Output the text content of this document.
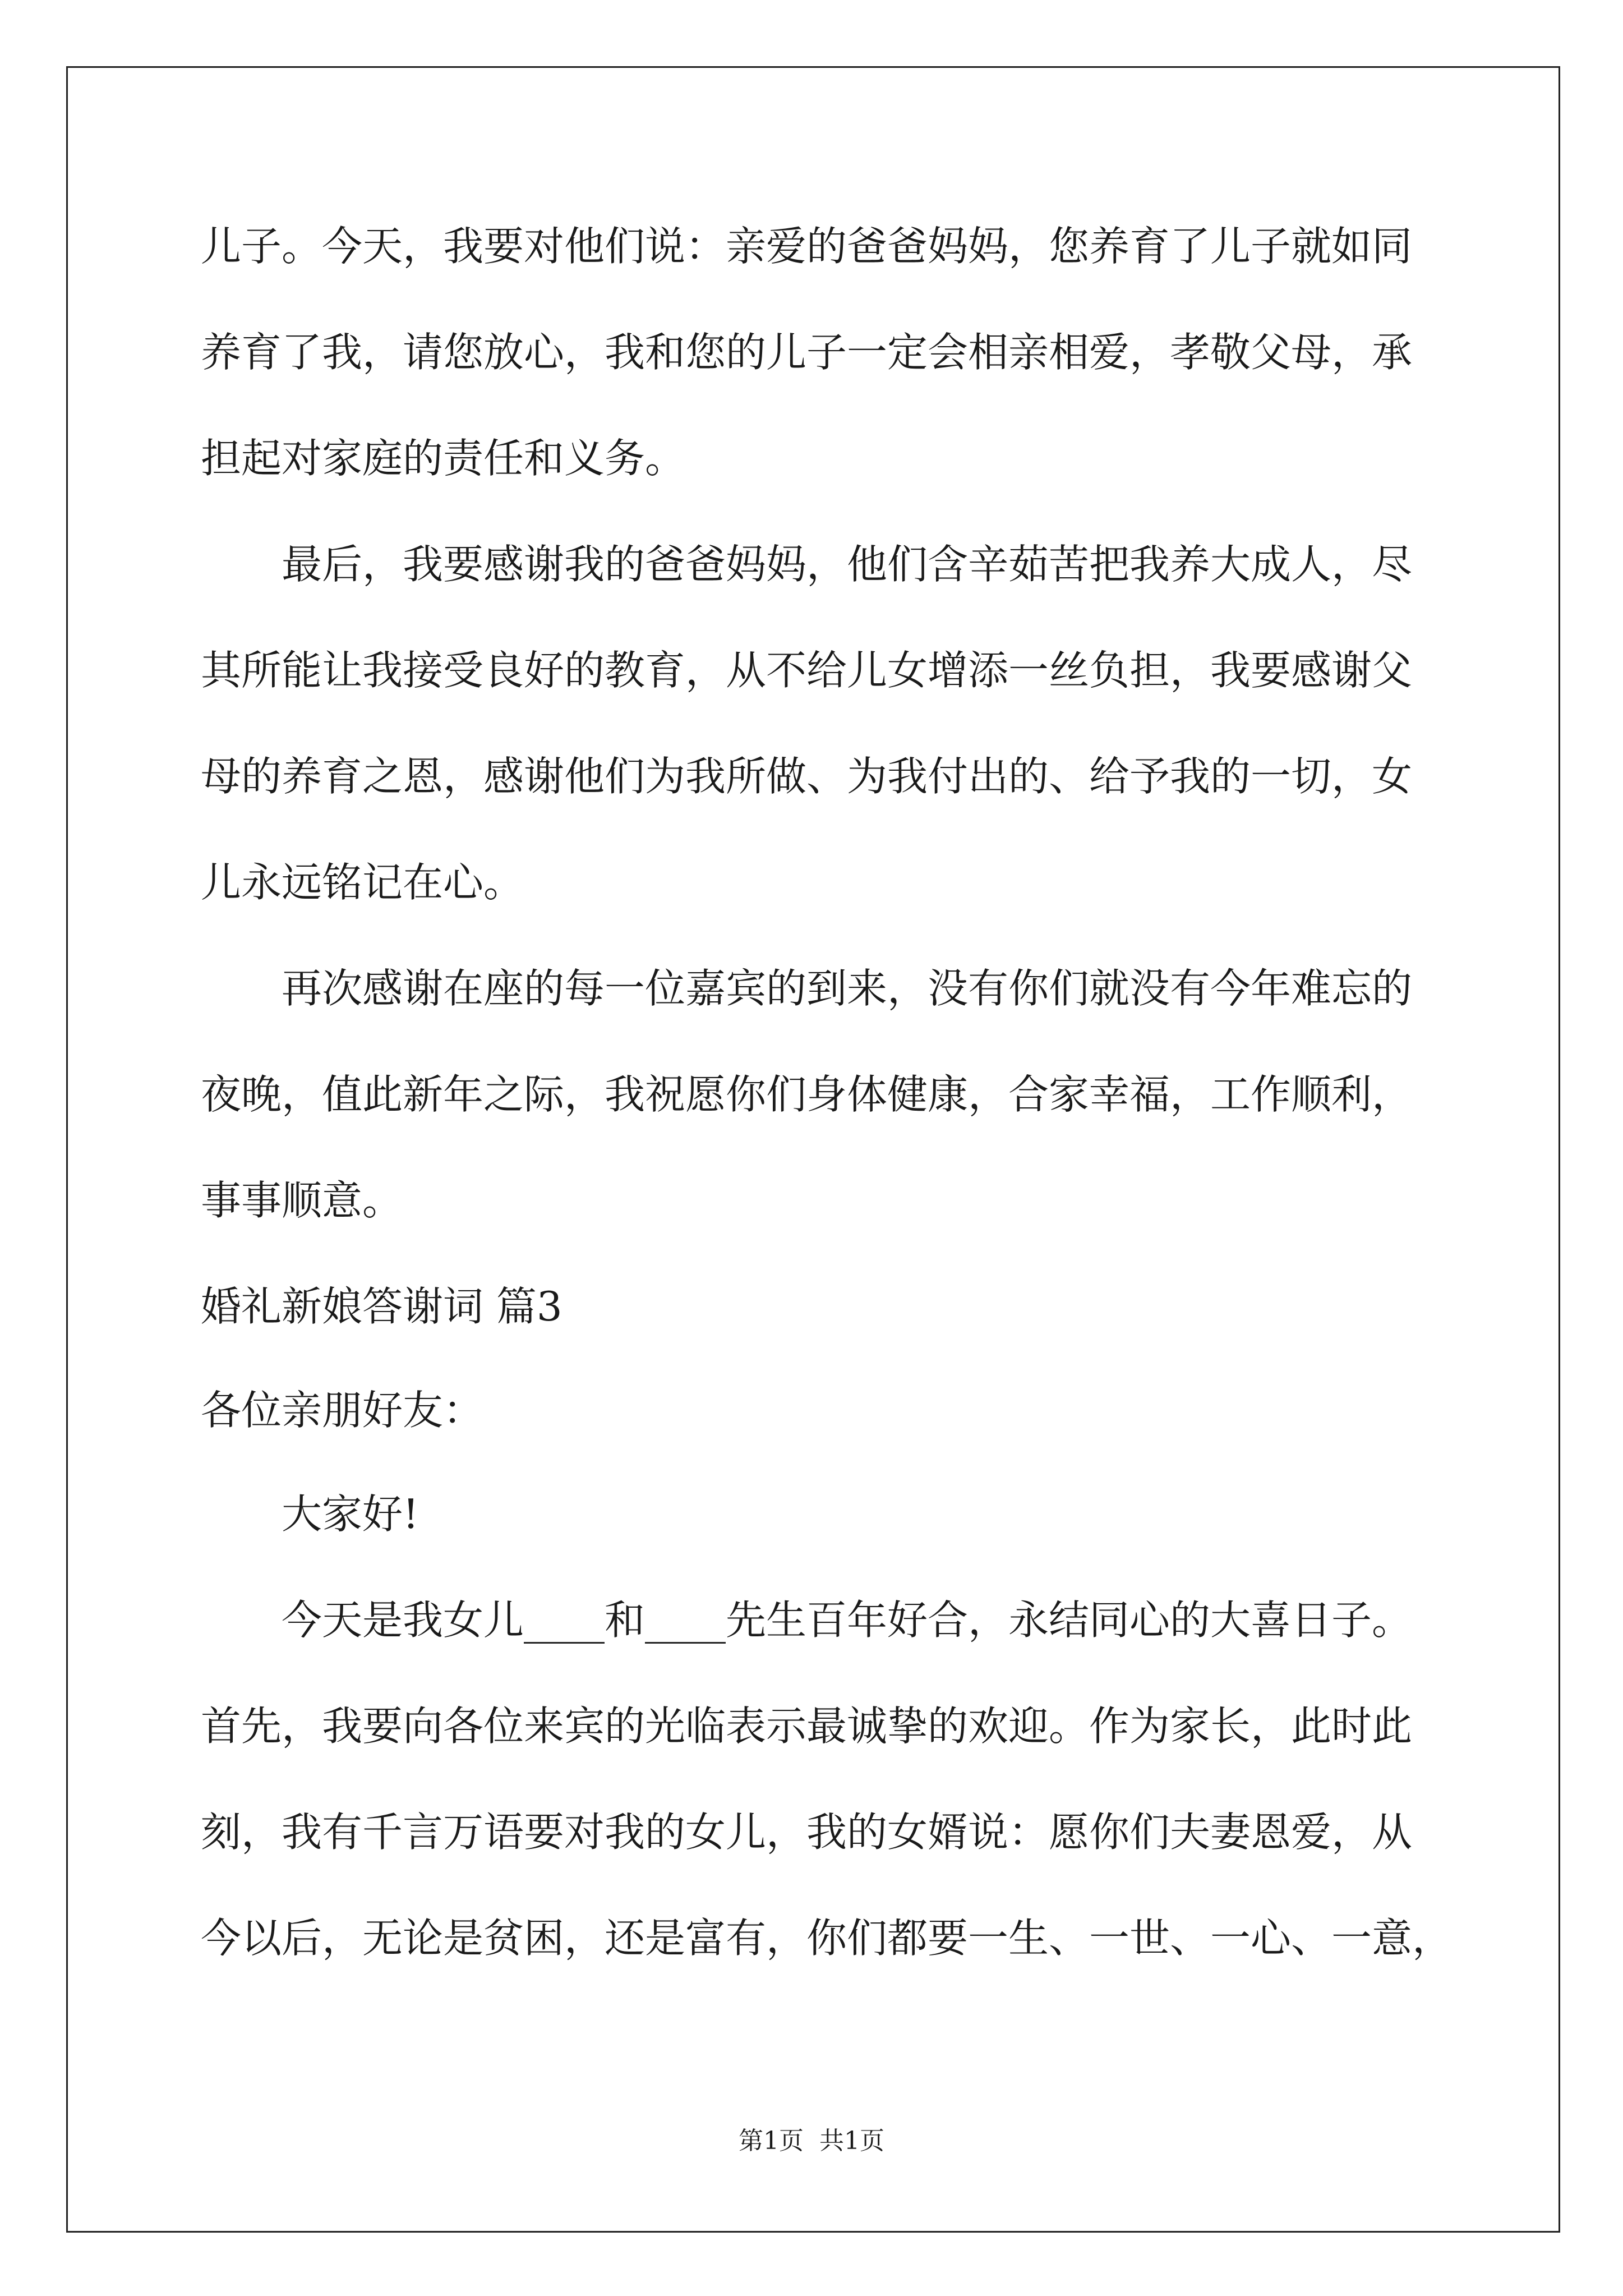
儿子。今天，我要对他们说：亲爱的爸爸妈妈，您养育了儿子就如同
养育了我，请您放心，我和您的儿子一定会相亲相爱，孝敬父母，承
担起对家庭的责任和义务。
最后，我要感谢我的爸爸妈妈，他们含辛茹苦把我养大成人，尽
其所能让我接受良好的教育，从不给儿女增添一丝负担，我要感谢父
母的养育之恩，感谢他们为我所做、为我付出的、给予我的一切，女
儿永远铭记在心。
再次感谢在座的每一位嘉宾的到来，没有你们就没有今年难忘的
夜晚，值此新年之际，我祝愿你们身体健康，合家幸福，工作顺利，
事事顺意。
婚礼新娘答谢词 篇3
各位亲朋好友：
大家好!
今天是我女儿____和____先生百年好合，永结同心的大喜日子。
首先，我要向各位来宾的光临表示最诚挚的欢迎。作为家长，此时此
刻，我有千言万语要对我的女儿，我的女婿说：愿你们夫妻恩爱，从
今以后，无论是贫困，还是富有，你们都要一生、一世、一心、一意，
第1页 共1页
